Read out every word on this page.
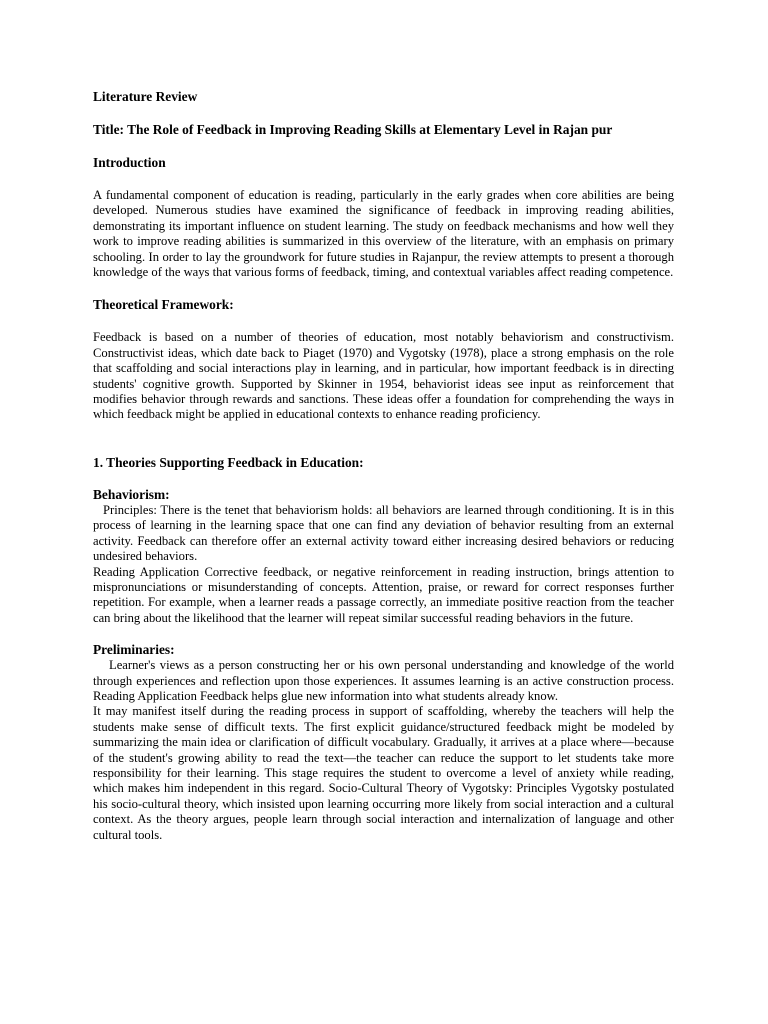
Literature Review

Title: The Role of Feedback in Improving Reading Skills at Elementary Level in Rajan pur

Introduction

A fundamental component of education is reading, particularly in the early grades when core abilities are being developed. Numerous studies have examined the significance of feedback in improving reading abilities, demonstrating its important influence on student learning. The study on feedback mechanisms and how well they work to improve reading abilities is summarized in this overview of the literature, with an emphasis on primary schooling. In order to lay the groundwork for future studies in Rajanpur, the review attempts to present a thorough knowledge of the ways that various forms of feedback, timing, and contextual variables affect reading competence.

Theoretical Framework:

Feedback is based on a number of theories of education, most notably behaviorism and constructivism. Constructivist ideas, which date back to Piaget (1970) and Vygotsky (1978), place a strong emphasis on the role that scaffolding and social interactions play in learning, and in particular, how important feedback is in directing students' cognitive growth. Supported by Skinner in 1954, behaviorist ideas see input as reinforcement that modifies behavior through rewards and sanctions. These ideas offer a foundation for comprehending the ways in which feedback might be applied in educational contexts to enhance reading proficiency.

1. Theories Supporting Feedback in Education:

Behaviorism:

Principles: There is the tenet that behaviorism holds: all behaviors are learned through conditioning. It is in this process of learning in the learning space that one can find any deviation of behavior resulting from an external activity. Feedback can therefore offer an external activity toward either increasing desired behaviors or reducing undesired behaviors.

Reading Application Corrective feedback, or negative reinforcement in reading instruction, brings attention to mispronunciations or misunderstanding of concepts. Attention, praise, or reward for correct responses further repetition. For example, when a learner reads a passage correctly, an immediate positive reaction from the teacher can bring about the likelihood that the learner will repeat similar successful reading behaviors in the future.

Preliminaries:

Learner's views as a person constructing her or his own personal understanding and knowledge of the world through experiences and reflection upon those experiences. It assumes learning is an active construction process. Reading Application Feedback helps glue new information into what students already know.

It may manifest itself during the reading process in support of scaffolding, whereby the teachers will help the students make sense of difficult texts. The first explicit guidance/structured feedback might be modeled by summarizing the main idea or clarification of difficult vocabulary. Gradually, it arrives at a place where—because of the student's growing ability to read the text—the teacher can reduce the support to let students take more responsibility for their learning. This stage requires the student to overcome a level of anxiety while reading, which makes him independent in this regard. Socio-Cultural Theory of Vygotsky: Principles Vygotsky postulated his socio-cultural theory, which insisted upon learning occurring more likely from social interaction and a cultural context. As the theory argues, people learn through social interaction and internalization of language and other cultural tools.
